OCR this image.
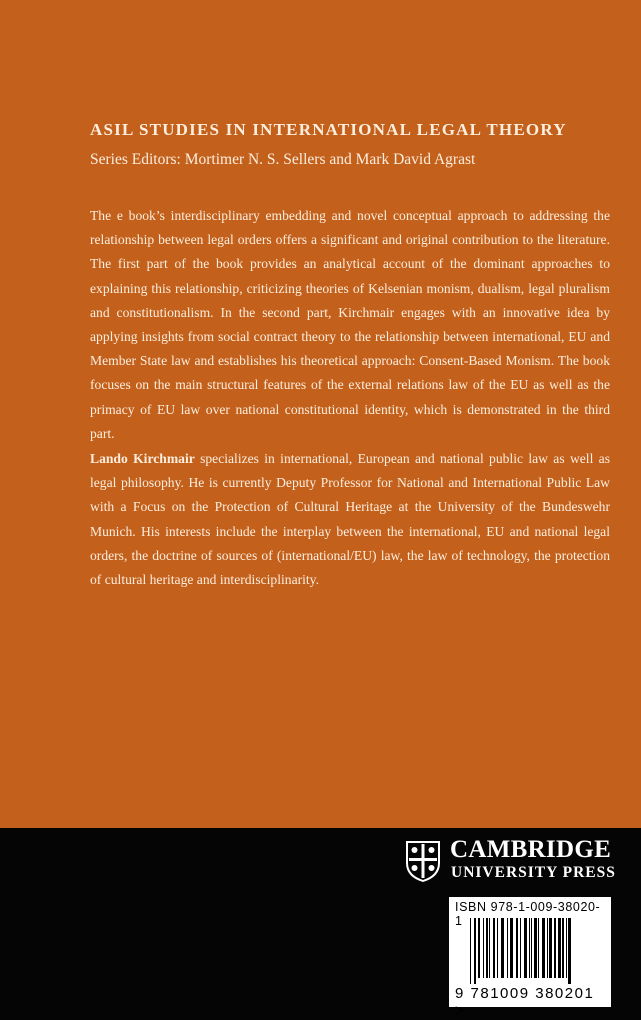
ASIL STUDIES IN INTERNATIONAL LEGAL THEORY
Series Editors: Mortimer N. S. Sellers and Mark David Agrast

The e book’s interdisciplinary embedding and novel conceptual approach to addressing the relationship between legal orders offers a significant and original contribution to the literature. The first part of the book provides an analytical account of the dominant approaches to explaining this relationship, criticizing theories of Kelsenian monism, dualism, legal pluralism and constitutionalism. In the second part, Kirchmair engages with an innovative idea by applying insights from social contract theory to the relationship between international, EU and Member State law and establishes his theoretical approach: Consent-Based Monism. The book focuses on the main structural features of the external relations law of the EU as well as the primacy of EU law over national constitutional identity, which is demonstrated in the third part.

Lando Kirchmair specializes in international, European and national public law as well as legal philosophy. He is currently Deputy Professor for National and International Public Law with a Focus on the Protection of Cultural Heritage at the University of the Bundeswehr Munich. His interests include the interplay between the international, EU and national legal orders, the doctrine of sources of (international/EU) law, the law of technology, the protection of cultural heritage and interdisciplinarity.

CAMBRIDGE
UNIVERSITY PRESS
ISBN 978-1-009-38020-1
9 781009 380201 >
